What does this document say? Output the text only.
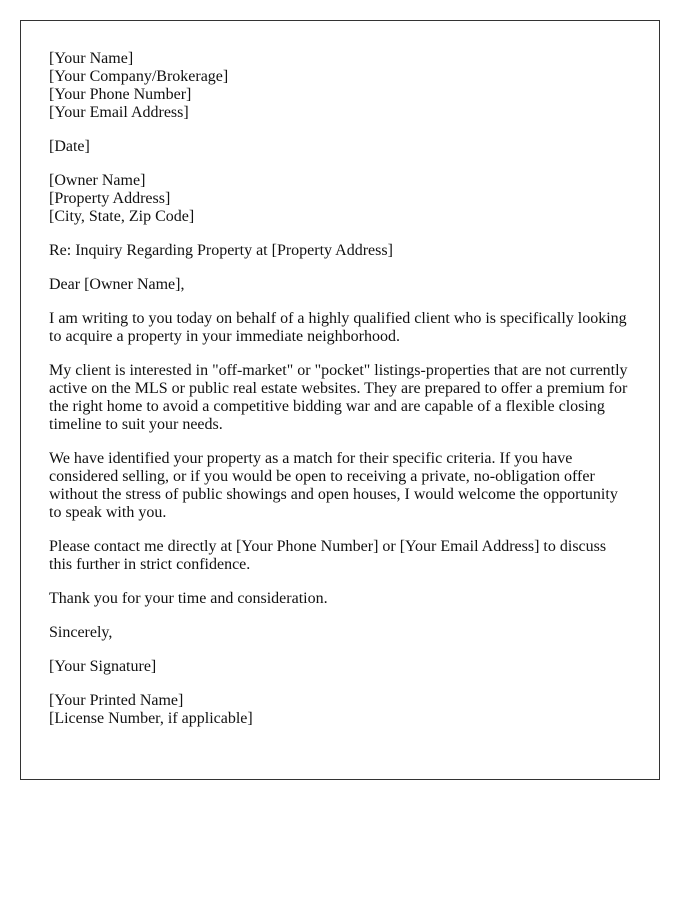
[Your Name]
[Your Company/Brokerage]
[Your Phone Number]
[Your Email Address]
[Date]
[Owner Name]
[Property Address]
[City, State, Zip Code]

Re: Inquiry Regarding Property at [Property Address]

Dear [Owner Name],

I am writing to you today on behalf of a highly qualified client who is specifically looking to acquire a property in your immediate neighborhood.

My client is interested in "off-market" or "pocket" listings-properties that are not currently active on the MLS or public real estate websites. They are prepared to offer a premium for the right home to avoid a competitive bidding war and are capable of a flexible closing timeline to suit your needs.

We have identified your property as a match for their specific criteria. If you have considered selling, or if you would be open to receiving a private, no-obligation offer without the stress of public showings and open houses, I would welcome the opportunity to speak with you.

Please contact me directly at [Your Phone Number] or [Your Email Address] to discuss this further in strict confidence.

Thank you for your time and consideration.

Sincerely,

[Your Signature]

[Your Printed Name]
[License Number, if applicable]
